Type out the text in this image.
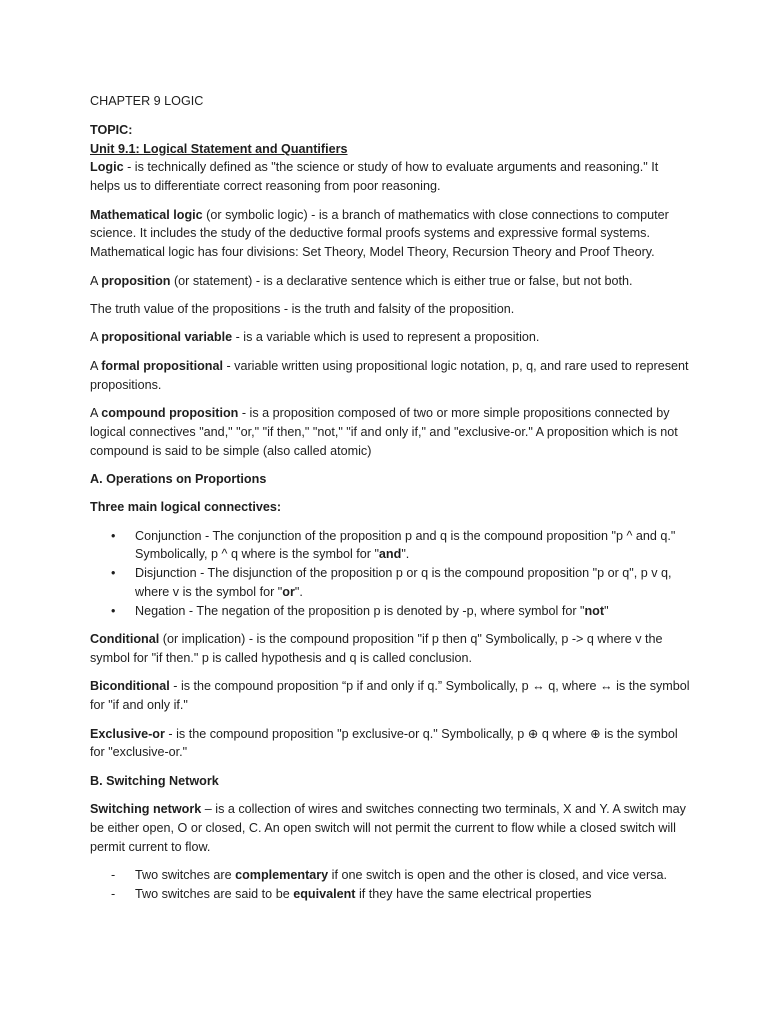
CHAPTER 9 LOGIC

TOPIC:

Unit 9.1: Logical Statement and Quantifiers

Logic - is technically defined as "the science or study of how to evaluate arguments and reasoning." It helps us to differentiate correct reasoning from poor reasoning.

Mathematical logic (or symbolic logic) - is a branch of mathematics with close connections to computer science. It includes the study of the deductive formal proofs systems and expressive formal systems. Mathematical logic has four divisions: Set Theory, Model Theory, Recursion Theory and Proof Theory.

A proposition (or statement) - is a declarative sentence which is either true or false, but not both.

The truth value of the propositions - is the truth and falsity of the proposition.

A propositional variable - is a variable which is used to represent a proposition.

A formal propositional - variable written using propositional logic notation, p, q, and rare used to represent propositions.

A compound proposition - is a proposition composed of two or more simple propositions connected by logical connectives "and," "or," "if then," "not," "if and only if," and "exclusive-or." A proposition which is not compound is said to be simple (also called atomic)

A. Operations on Proportions

Three main logical connectives:

• Conjunction - The conjunction of the proposition p and q is the compound proposition "p ^ and q." Symbolically, p ^ q where is the symbol for "and".
• Disjunction - The disjunction of the proposition p or q is the compound proposition "p or q", p v q, where v is the symbol for "or".
• Negation - The negation of the proposition p is denoted by -p, where symbol for "not"

Conditional (or implication) - is the compound proposition "if p then q" Symbolically, p -> q where v the symbol for "if then." p is called hypothesis and q is called conclusion.

Biconditional - is the compound proposition “p if and only if q.” Symbolically, p ↔ q, where ↔ is the symbol for "if and only if."

Exclusive-or - is the compound proposition "p exclusive-or q." Symbolically, p ⊕ q where ⊕ is the symbol for "exclusive-or."

B. Switching Network

Switching network – is a collection of wires and switches connecting two terminals, X and Y. A switch may be either open, O or closed, C. An open switch will not permit the current to flow while a closed switch will permit current to flow.

- Two switches are complementary if one switch is open and the other is closed, and vice versa.
- Two switches are said to be equivalent if they have the same electrical properties
